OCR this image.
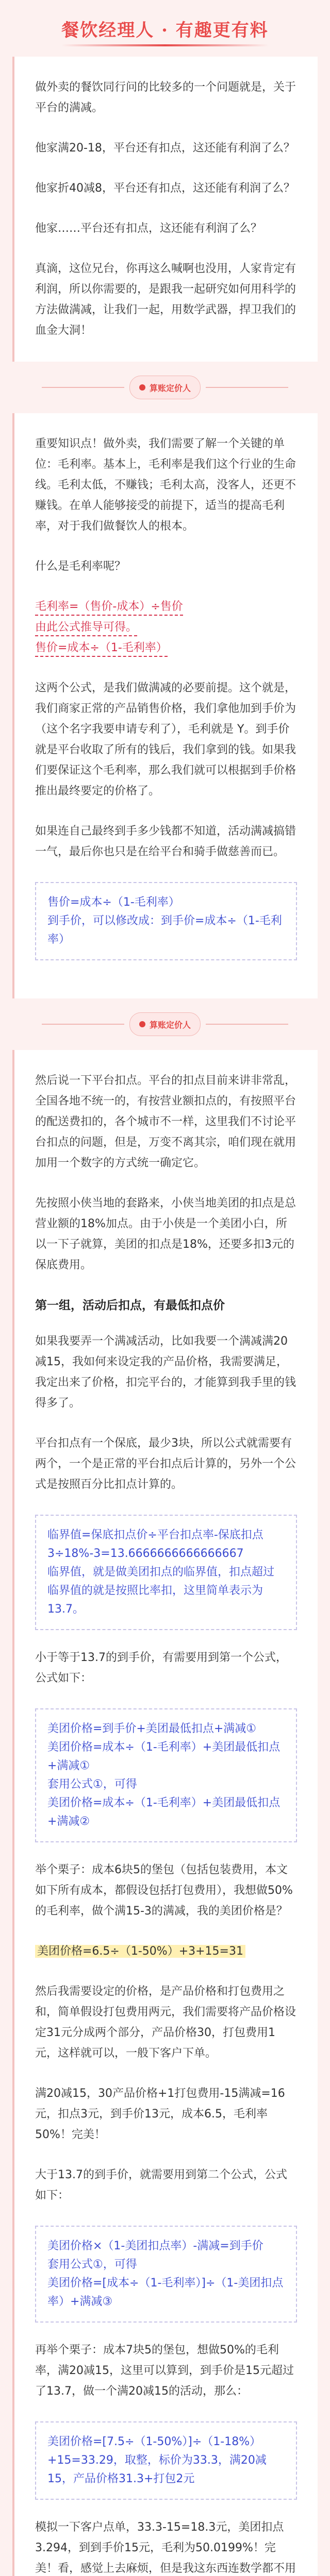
餐饮经理人 · 有趣更有料

做外卖的餐饮同行问的比较多的一个问题就是，关于平台的满减。

他家满20-18，平台还有扣点，这还能有利润了么？

他家折40减8，平台还有扣点，这还能有利润了么？

他家……平台还有扣点，这还能有利润了么？

真滴，这位兄台，你再这么喊啊也没用，人家肯定有利润，所以你需要的，是跟我一起研究如何用科学的方法做满减，让我们一起，用数学武器，捍卫我们的血金大洞！

算账定价人

重要知识点！做外卖，我们需要了解一个关键的单位：毛利率。基本上，毛利率是我们这个行业的生命线。毛利太低，不赚钱；毛利太高，没客人，还更不赚钱。在单人能够接受的前提下，适当的提高毛利率，对于我们做餐饮人的根本。

什么是毛利率呢？

毛利率=（售价-成本）÷售价
由此公式推导可得。
售价=成本÷（1-毛利率）

这两个公式，是我们做满减的必要前提。这个就是，我们商家正常的产品销售价格，我们拿他加到手价为（这个名字我要申请专利了），毛利就是 Y。到手价就是平台收取了所有的钱后，我们拿到的钱。如果我们要保证这个毛利率，那么我们就可以根据到手价格推出最终要定的价格了。

如果连自己最终到手多少钱都不知道，活动满减搞错一气，最后你也只是在给平台和骑手做慈善而已。

售价=成本÷（1-毛利率）
到手价，可以修改成：到手价=成本÷（1-毛利率）
算账定价人

然后说一下平台扣点。平台的扣点目前来讲非常乱，全国各地不统一的，有按营业额扣点的，有按照平台的配送费扣的，各个城市不一样，这里我们不讨论平台扣点的问题，但是，万变不离其宗，咱们现在就用加用一个数字的方式统一确定它。

先按照小侠当地的套路来，小侠当地美团的扣点是总营业额的18%加点。由于小侠是一个美团小白，所以一下子就算，美团的扣点是18%，还要多扣3元的保底费用。

第一组，活动后扣点，有最低扣点价

如果我要弄一个满减活动，比如我要一个满减满20减15，我如何来设定我的产品价格，我需要满足，我定出来了价格，扣完平台的，才能算到我手里的钱得多了。

平台扣点有一个保底，最少3块，所以公式就需要有两个，一个是正常的平台扣点后计算的，另外一个公式是按照百分比扣点计算的。

临界值=保底扣点价÷平台扣点率-保底扣点
3÷18%-3=13.6666666666666667
临界值，就是做美团扣点的临界值，扣点超过临界值的就是按照比率扣，这里简单表示为13.7。

小于等于13.7的到手价，有需要用到第一个公式，公式如下：

美团价格=到手价+美团最低扣点+满减①
美团价格=成本÷（1-毛利率）+美团最低扣点+满减①
套用公式①，可得
美团价格=成本÷（1-毛利率）+美团最低扣点+满减②

举个栗子：成本6块5的堡包（包括包装费用，本文如下所有成本，都假设包括打包费用），我想做50%的毛利率，做个满15-3的满减，我的美团价格是？

美团价格=6.5÷（1-50%）+3+15=31

然后我需要设定的价格，是产品价格和打包费用之和，简单假设打包费用两元，我们需要将产品价格设定31元分成两个部分，产品价格30，打包费用1元，这样就可以，一般下客户下单。

满20减15，30产品价格+1打包费用-15满减=16元，扣点3元，到手价13元，成本6.5，毛利率50%！完美！

大于13.7的到手价，就需要用到第二个公式，公式如下：

美团价格×（1-美团扣点率）-满减=到手价
套用公式①，可得
美团价格=[成本÷（1-毛利率）]÷（1-美团扣点率）+满减③

再举个栗子：成本7块5的堡包，想做50%的毛利率，满20减15，这里可以算到，到手价是15元超过了13.7，做一个满20减15的活动，那么：

美团价格=[7.5÷（1-50%）]÷（1-18%）+15=33.29，取整，标价为33.3，满20减15，产品价格31.3+打包2元

模拟一下客户点单，33.3-15=18.3元，美团扣点3.294，到到手价15元，毛利为50.0199%！完美！看，感觉上去麻烦，但是我这东西连数学都不用
